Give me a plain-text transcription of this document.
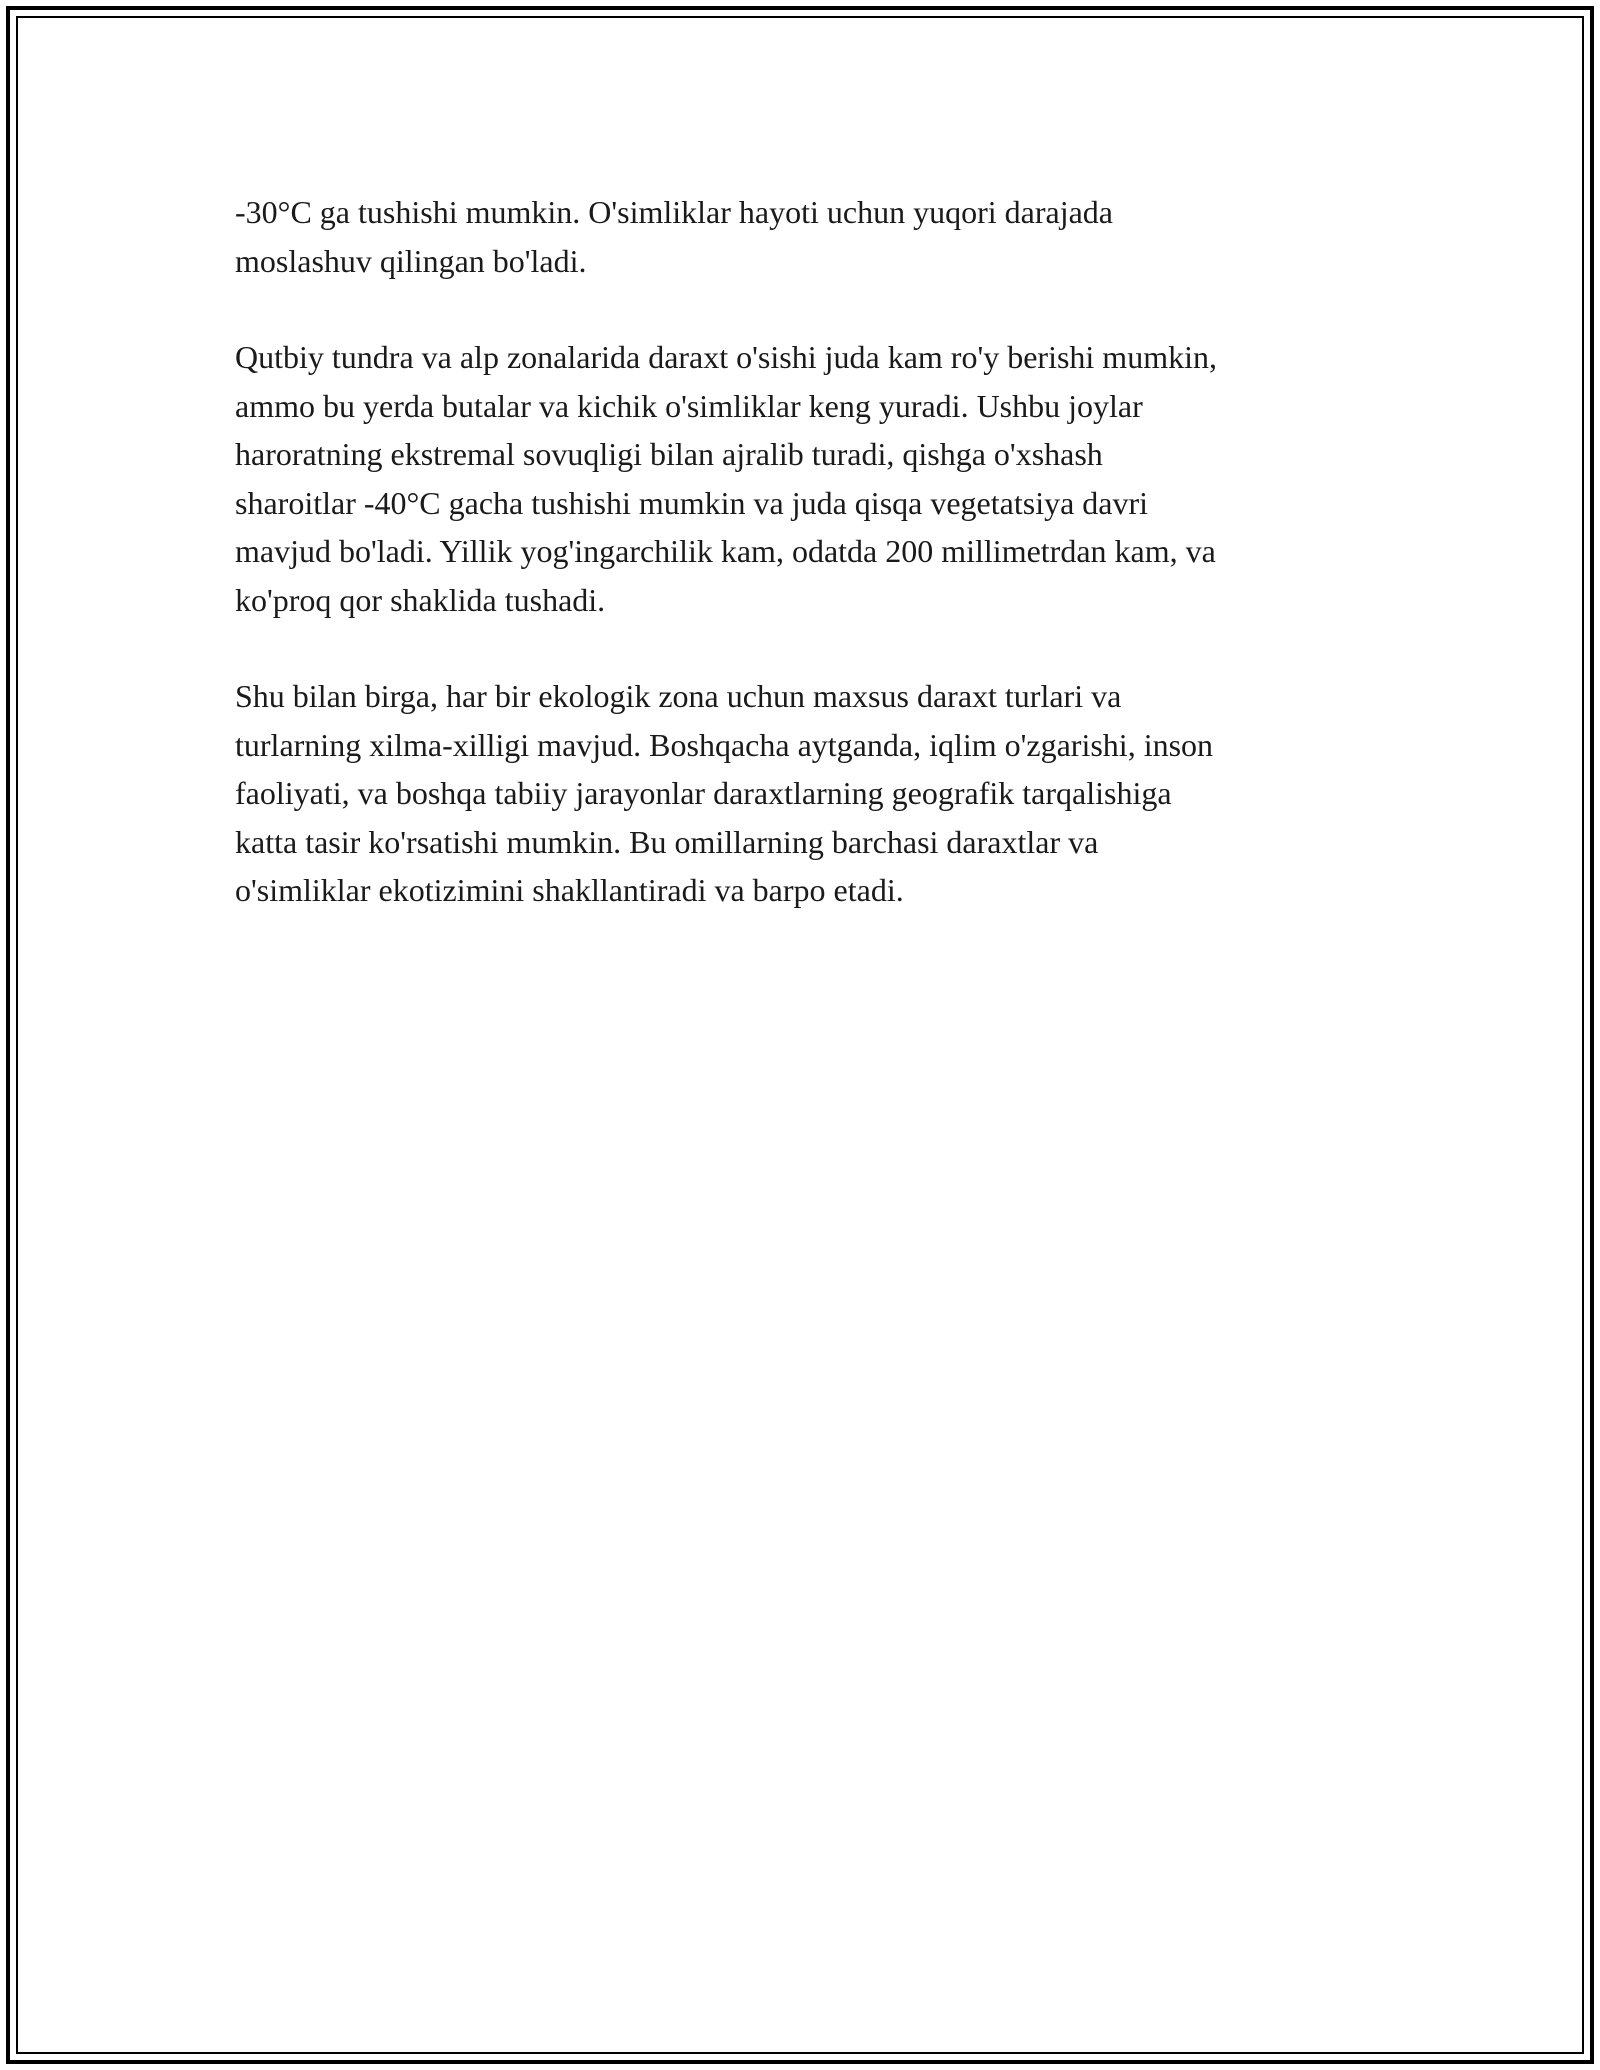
-30°C ga tushishi mumkin. O'simliklar hayoti uchun yuqori darajada
moslashuv qilingan bo'ladi.

Qutbiy tundra va alp zonalarida daraxt o'sishi juda kam ro'y berishi mumkin,
ammo bu yerda butalar va kichik o'simliklar keng yuradi. Ushbu joylar
haroratning ekstremal sovuqligi bilan ajralib turadi, qishga o'xshash
sharoitlar -40°C gacha tushishi mumkin va juda qisqa vegetatsiya davri
mavjud bo'ladi. Yillik yog'ingarchilik kam, odatda 200 millimetrdan kam, va
ko'proq qor shaklida tushadi.

Shu bilan birga, har bir ekologik zona uchun maxsus daraxt turlari va
turlarning xilma-xilligi mavjud. Boshqacha aytganda, iqlim o'zgarishi, inson
faoliyati, va boshqa tabiiy jarayonlar daraxtlarning geografik tarqalishiga
katta tasir ko'rsatishi mumkin. Bu omillarning barchasi daraxtlar va
o'simliklar ekotizimini shakllantiradi va barpo etadi.
